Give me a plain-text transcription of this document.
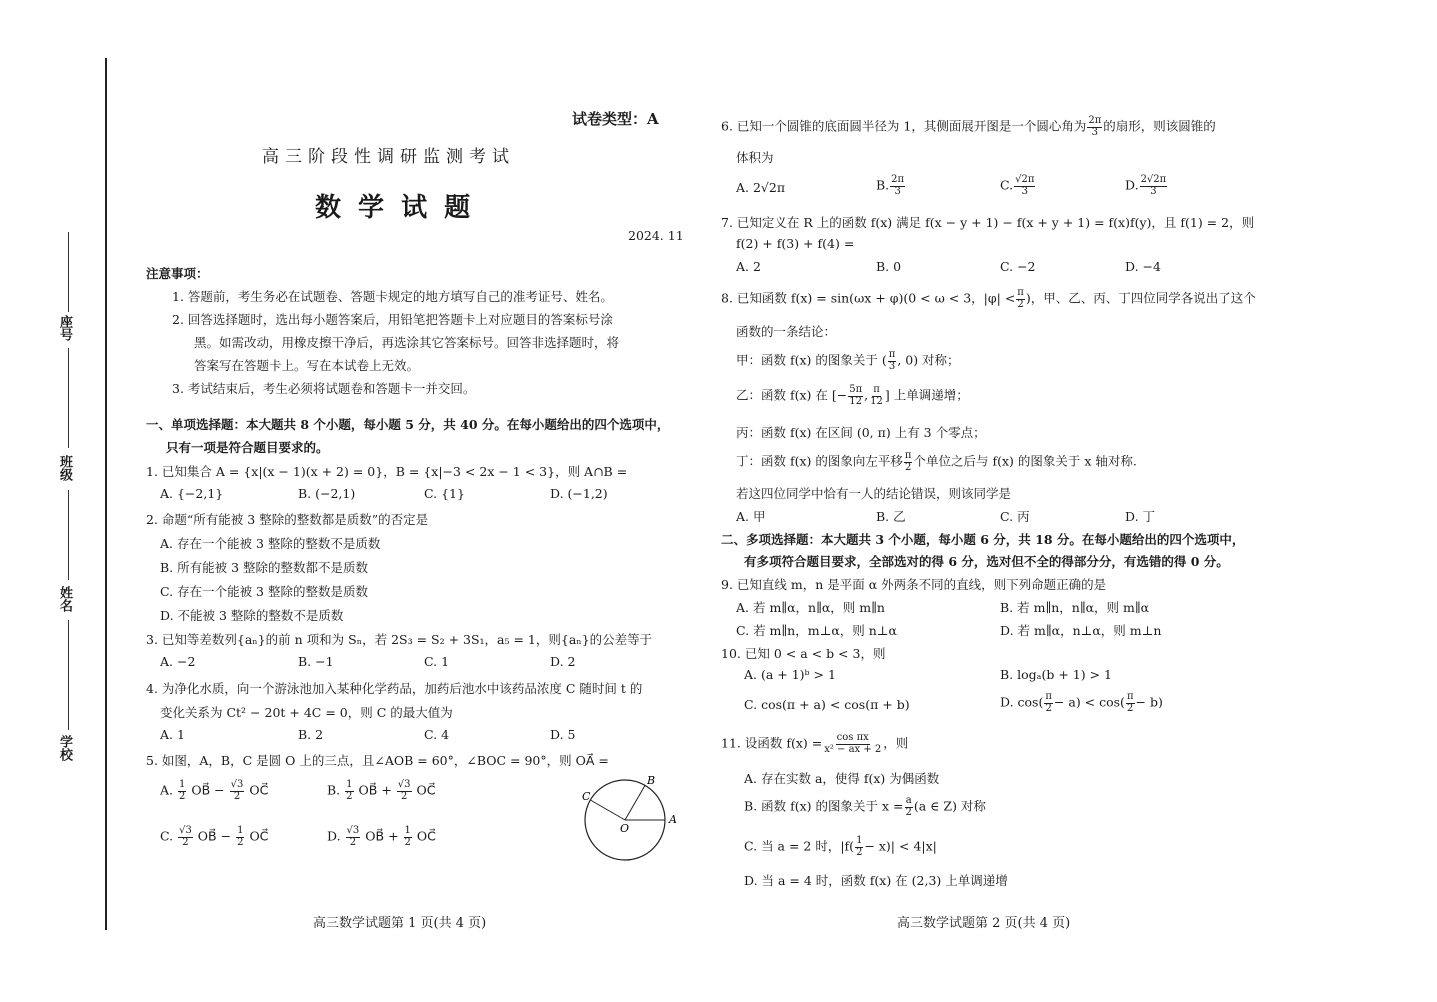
座号
班级
姓名
学校
试卷类型：A
高三阶段性调研监测考试
数 学 试 题
2024. 11
注意事项：
1. 答题前，考生务必在试题卷、答题卡规定的地方填写自己的准考证号、姓名。
2. 回答选择题时，选出每小题答案后，用铅笔把答题卡上对应题目的答案标号涂
黑。如需改动，用橡皮擦干净后，再选涂其它答案标号。回答非选择题时，将
答案写在答题卡上。写在本试卷上无效。
3. 考试结束后，考生必须将试题卷和答题卡一并交回。
一、单项选择题：本大题共 8 个小题，每小题 5 分，共 40 分。在每小题给出的四个选项中，
只有一项是符合题目要求的。
1. 已知集合 A = {x|(x − 1)(x + 2) = 0}，B = {x|−3 < 2x − 1 < 3}，则 A∩B =
A. {−2,1}	B. (−2,1)	C. {1}	D. (−1,2)
2. 命题“所有能被 3 整除的整数都是质数”的否定是
A. 存在一个能被 3 整除的整数不是质数
B. 所有能被 3 整除的整数都不是质数
C. 存在一个能被 3 整除的整数是质数
D. 不能被 3 整除的整数不是质数
3. 已知等差数列{aₙ}的前 n 项和为 Sₙ，若 2S₃ = S₂ + 3S₁，a₅ = 1，则{aₙ}的公差等于
A. −2	B. −1	C. 1	D. 2
4. 为净化水质，向一个游泳池加入某种化学药品，加药后池水中该药品浓度 C 随时间 t 的
变化关系为 Ct² − 20t + 4C = 0，则 C 的最大值为
A. 1	B. 2	C. 4	D. 5
5. 如图，A，B，C 是圆 O 上的三点，且∠AOB = 60°，∠BOC = 90°，则 OA⃗ =
A. $\frac{1}{2}$ OB⃗ − $\frac{√3}{2}$ OC⃗	B. $\frac{1}{2}$ OB⃗ + $\frac{√3}{2}$ OC⃗
C. $\frac{√3}{2}$ OB⃗ − $\frac{1}{2}$ OC⃗	D. $\frac{√3}{2}$ OB⃗ + $\frac{1}{2}$ OC⃗
A
B
C
O
高三数学试题第 1 页(共 4 页)
6. 已知一个圆锥的底面圆半径为 1，其侧面展开图是一个圆心角为 $\frac{2\pi}{3}$ 的扇形，则该圆锥的
体积为
A. 2√2π	B. $\frac{2\pi}{3}$	C. $\frac{√2\pi}{3}$	D. $\frac{2√2\pi}{3}$
7. 已知定义在 R 上的函数 f(x) 满足 f(x − y + 1) − f(x + y + 1) = f(x)f(y)，且 f(1) = 2，则
f(2) + f(3) + f(4) =
A. 2	B. 0	C. −2	D. −4
8. 已知函数 f(x) = sin(ωx + φ)(0 < ω < 3，$|\varphi| < \frac{\pi}{2}$ )，甲、乙、丙、丁四位同学各说出了这个
函数的一条结论：
甲：函数 f(x) 的图象关于 ( $\frac{\pi}{3}$ , 0) 对称；
乙：函数 f(x) 在 [− $\frac{5\pi}{12}$ , $\frac{\pi}{12}$ ] 上单调递增；
丙：函数 f(x) 在区间 (0, π) 上有 3 个零点；
丁：函数 f(x) 的图象向左平移 $\frac{\pi}{2}$ 个单位之后与 f(x) 的图象关于 x 轴对称.
若这四位同学中恰有一人的结论错误，则该同学是
A. 甲	B. 乙	C. 丙	D. 丁
二、多项选择题：本大题共 3 个小题，每小题 6 分，共 18 分。在每小题给出的四个选项中，
有多项符合题目要求，全部选对的得 6 分，选对但不全的得部分分，有选错的得 0 分。
9. 已知直线 m，n 是平面 α 外两条不同的直线，则下列命题正确的是
A. 若 m∥α，n∥α，则 m∥n	B. 若 m∥n，n∥α，则 m∥α
C. 若 m∥n，m⊥α，则 n⊥α	D. 若 m∥α，n⊥α，则 m⊥n
10. 已知 0 < a < b < 3，则
A. (a + 1)ᵇ > 1	B. logₐ(b + 1) > 1
C. cos(π + a) < cos(π + b)	D. $\cos( \frac{\pi}{2} - a) < \cos( \frac{\pi}{2} - b)$
11. 设函数 $f(x) = \frac{\text{cos πx}}{\text{x² − ax + 2}}$ ，则
A. 存在实数 a，使得 f(x) 为偶函数
B. 函数 f(x) 的图象关于 $x = \frac{a}{2} (a$ ∈ Z) 对称
C. 当 a = 2 时，$|f( \frac{1}{2} - x)| < 4|x|$
D. 当 a = 4 时，函数 f(x) 在 (2,3) 上单调递增
高三数学试题第 2 页(共 4 页)
